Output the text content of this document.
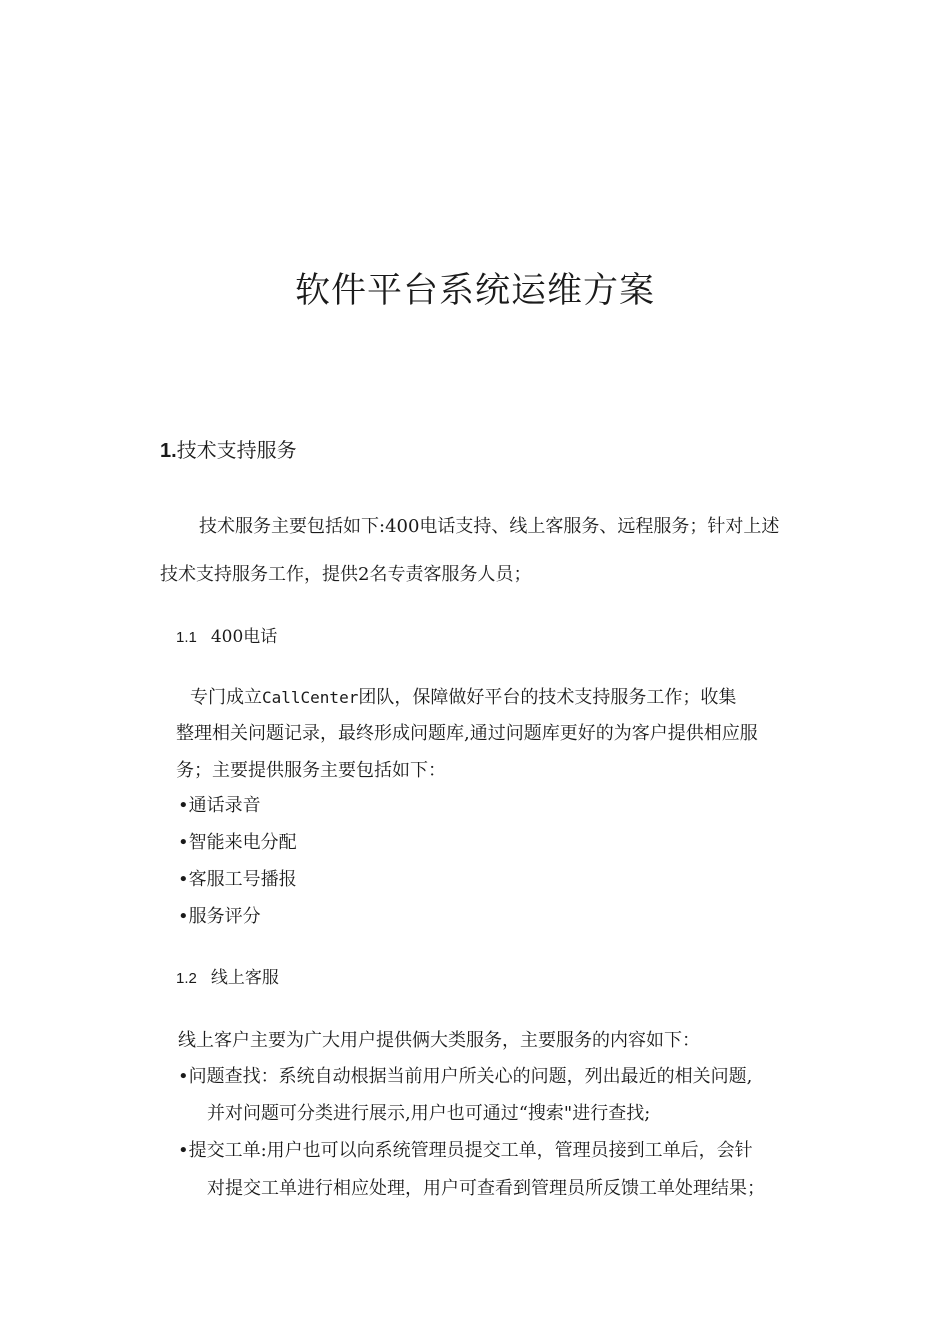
软件平台系统运维方案
1.技术支持服务
技术服务主要包括如下:400电话支持、线上客服务、远程服务；针对上述
技术支持服务工作，提供2名专责客服务人员；
1.1 400电话
专门成立CallCenter团队，保障做好平台的技术支持服务工作；收集
整理相关问题记录，最终形成问题库,通过问题库更好的为客户提供相应服
务；主要提供服务主要包括如下：
•通话录音
•智能来电分配
•客服工号播报
•服务评分
1.2 线上客服
线上客户主要为广大用户提供俩大类服务，主要服务的内容如下：
•问题查找：系统自动根据当前用户所关心的问题，列出最近的相关问题,
并对问题可分类进行展示,用户也可通过“搜索"进行查找;
•提交工单:用户也可以向系统管理员提交工单，管理员接到工单后，会针
对提交工单进行相应处理，用户可查看到管理员所反馈工单处理结果；
